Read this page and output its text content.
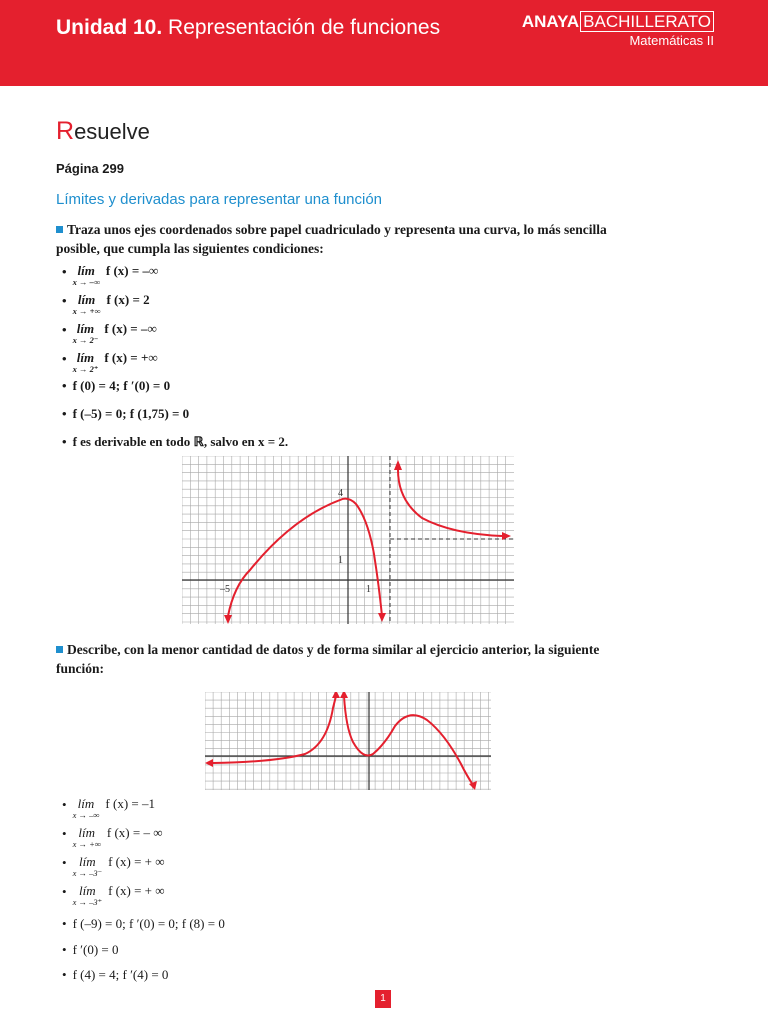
Unidad 10. Representación de funciones	ANAYA BACHILLERATO
Matemáticas II
Resuelve
Página 299
Límites y derivadas para representar una función
Traza unos ejes coordenados sobre papel cuadriculado y representa una curva, lo más sencilla posible, que cumpla las siguientes condiciones:
• lím
x → –∞
f (x) = –∞
• lím
x → +∞
f (x) = 2
• lím
x → 2⁻
f (x) = –∞
• lím
x → 2⁺
f (x) = +∞
• f (0) = 4; f ′(0) = 0
• f (–5) = 0; f (1,75) = 0
• f es derivable en todo ℝ, salvo en x = 2.
4
1
–5	1
Describe, con la menor cantidad de datos y de forma similar al ejercicio anterior, la siguiente función:
• lím
x → –∞
f (x) = –1
• lím
x → +∞
f (x) = – ∞
• lím
x → –3⁻
f (x) = + ∞
• lím
x → –3⁺
f (x) = + ∞
• f (–9) = 0; f ′(0) = 0; f (8) = 0
• f ′(0) = 0
• f (4) = 4; f ′(4) = 0
1
